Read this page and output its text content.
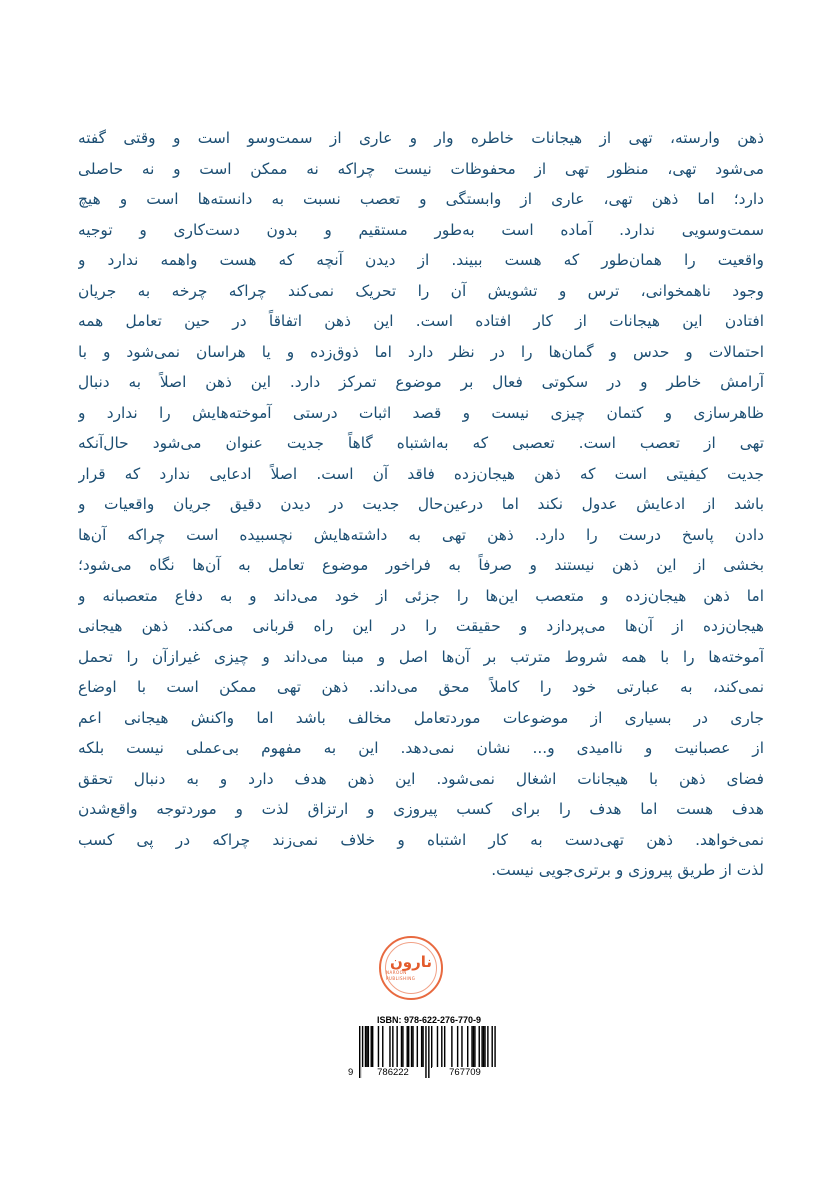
ذهن وارسته، تهی از هیجانات خاطره وار و عاری از سمت‌وسو است و وقتی گفته
می‌شود تهی، منظور تهی از محفوظات نیست چراکه نه ممکن است و نه حاصلی
دارد؛ اما ذهن تهی، عاری از وابستگی و تعصب نسبت به دانسته‌ها است و هیچ
سمت‌وسویی ندارد. آماده است به‌طور مستقیم و بدون دست‌کاری و توجیه
واقعیت را همان‌طور که هست ببیند. از دیدن آنچه که هست واهمه ندارد و
وجود ناهمخوانی، ترس و تشویش آن را تحریک نمی‌کند چراکه چرخه به جریان
افتادن این هیجانات از کار افتاده است. این ذهن اتفاقاً در حین تعامل همه
احتمالات و حدس و گمان‌ها را در نظر دارد اما ذوق‌زده و یا هراسان نمی‌شود و با
آرامش خاطر و در سکوتی فعال بر موضوع تمرکز دارد. این ذهن اصلاً به دنبال
ظاهرسازی و کتمان چیزی نیست و قصد اثبات درستی آموخته‌هایش را ندارد و
تهی از تعصب است. تعصبی که به‌اشتباه گاهاً جدیت عنوان می‌شود حال‌آنکه
جدیت کیفیتی است که ذهن هیجان‌زده فاقد آن است. اصلاً ادعایی ندارد که قرار
باشد از ادعایش عدول نکند اما درعین‌حال جدیت در دیدن دقیق جریان واقعیات و
دادن پاسخ درست را دارد. ذهن تهی به داشته‌هایش نچسبیده است چراکه آن‌ها
بخشی از این ذهن نیستند و صرفاً به فراخور موضوع تعامل به آن‌ها نگاه می‌شود؛
اما ذهن هیجان‌زده و متعصب این‌ها را جزئی از خود می‌داند و به دفاع متعصبانه و
هیجان‌زده از آن‌ها می‌پردازد و حقیقت را در این راه قربانی می‌کند. ذهن هیجانی
آموخته‌ها را با همه شروط مترتب بر آن‌ها اصل و مبنا می‌داند و چیزی غیرازآن را تحمل
نمی‌کند، به عبارتی خود را کاملاً محق می‌داند. ذهن تهی ممکن است با اوضاع
جاری در بسیاری از موضوعات موردتعامل مخالف باشد اما واکنش هیجانی اعم
از عصبانیت و ناامیدی و... نشان نمی‌دهد. این به مفهوم بی‌عملی نیست بلکه
فضای ذهن با هیجانات اشغال نمی‌شود. این ذهن هدف دارد و به دنبال تحقق
هدف هست اما هدف را برای کسب پیروزی و ارتزاق لذت و موردتوجه واقع‌شدن
نمی‌خواهد. ذهن تهی‌دست به کار اشتباه و خلاف نمی‌زند چراکه در پی کسب
لذت از طریق پیروزی و برتری‌جویی نیست.
نارون
NAROON PUBLISHING
ISBN: 978-622-276-770-9
9	786222	767709
